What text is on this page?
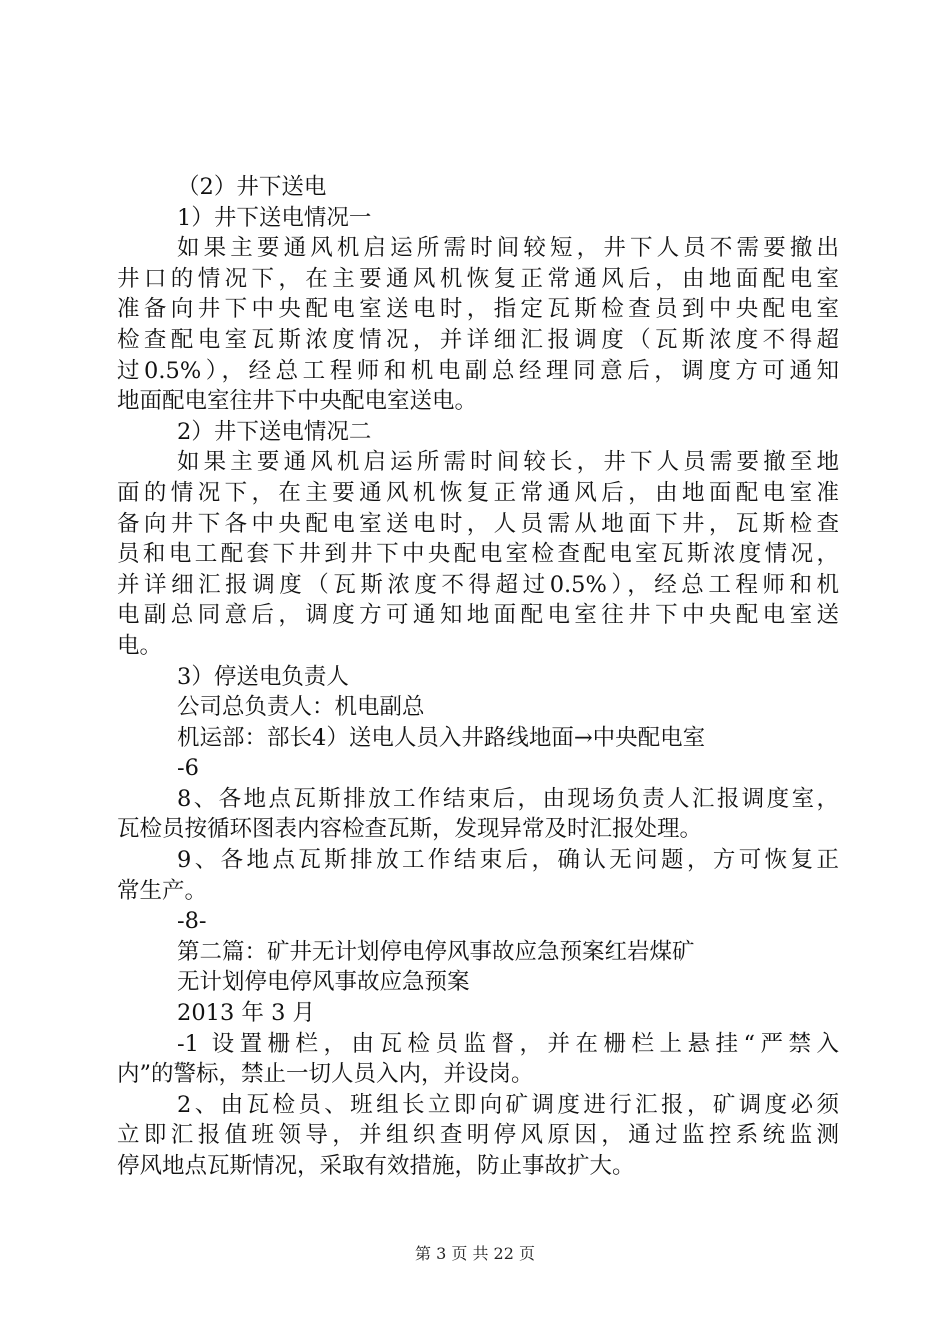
（2）井下送电
1）井下送电情况一
如果主要通风机启运所需时间较短，井下人员不需要撤出
井口的情况下，在主要通风机恢复正常通风后，由地面配电室
准备向井下中央配电室送电时，指定瓦斯检查员到中央配电室
检查配电室瓦斯浓度情况，并详细汇报调度（瓦斯浓度不得超
过0.5%），经总工程师和机电副总经理同意后，调度方可通知
地面配电室往井下中央配电室送电。
2）井下送电情况二
如果主要通风机启运所需时间较长，井下人员需要撤至地
面的情况下，在主要通风机恢复正常通风后，由地面配电室准
备向井下各中央配电室送电时，人员需从地面下井，瓦斯检查
员和电工配套下井到井下中央配电室检查配电室瓦斯浓度情况，
并详细汇报调度（瓦斯浓度不得超过0.5%），经总工程师和机
电副总同意后，调度方可通知地面配电室往井下中央配电室送
电。
3）停送电负责人
公司总负责人：机电副总
机运部：部长4）送电人员入井路线地面→中央配电室
-6
8、各地点瓦斯排放工作结束后，由现场负责人汇报调度室，
瓦检员按循环图表内容检查瓦斯，发现异常及时汇报处理。
9、各地点瓦斯排放工作结束后，确认无问题，方可恢复正
常生产。
-8-
第二篇：矿井无计划停电停风事故应急预案红岩煤矿
无计划停电停风事故应急预案
2013 年 3 月
-1 设置栅栏，由瓦检员监督，并在栅栏上悬挂“严禁入
内”的警标，禁止一切人员入内，并设岗。
2、由瓦检员、班组长立即向矿调度进行汇报，矿调度必须
立即汇报值班领导，并组织查明停风原因，通过监控系统监测
停风地点瓦斯情况，采取有效措施，防止事故扩大。
第 3 页 共 22 页
